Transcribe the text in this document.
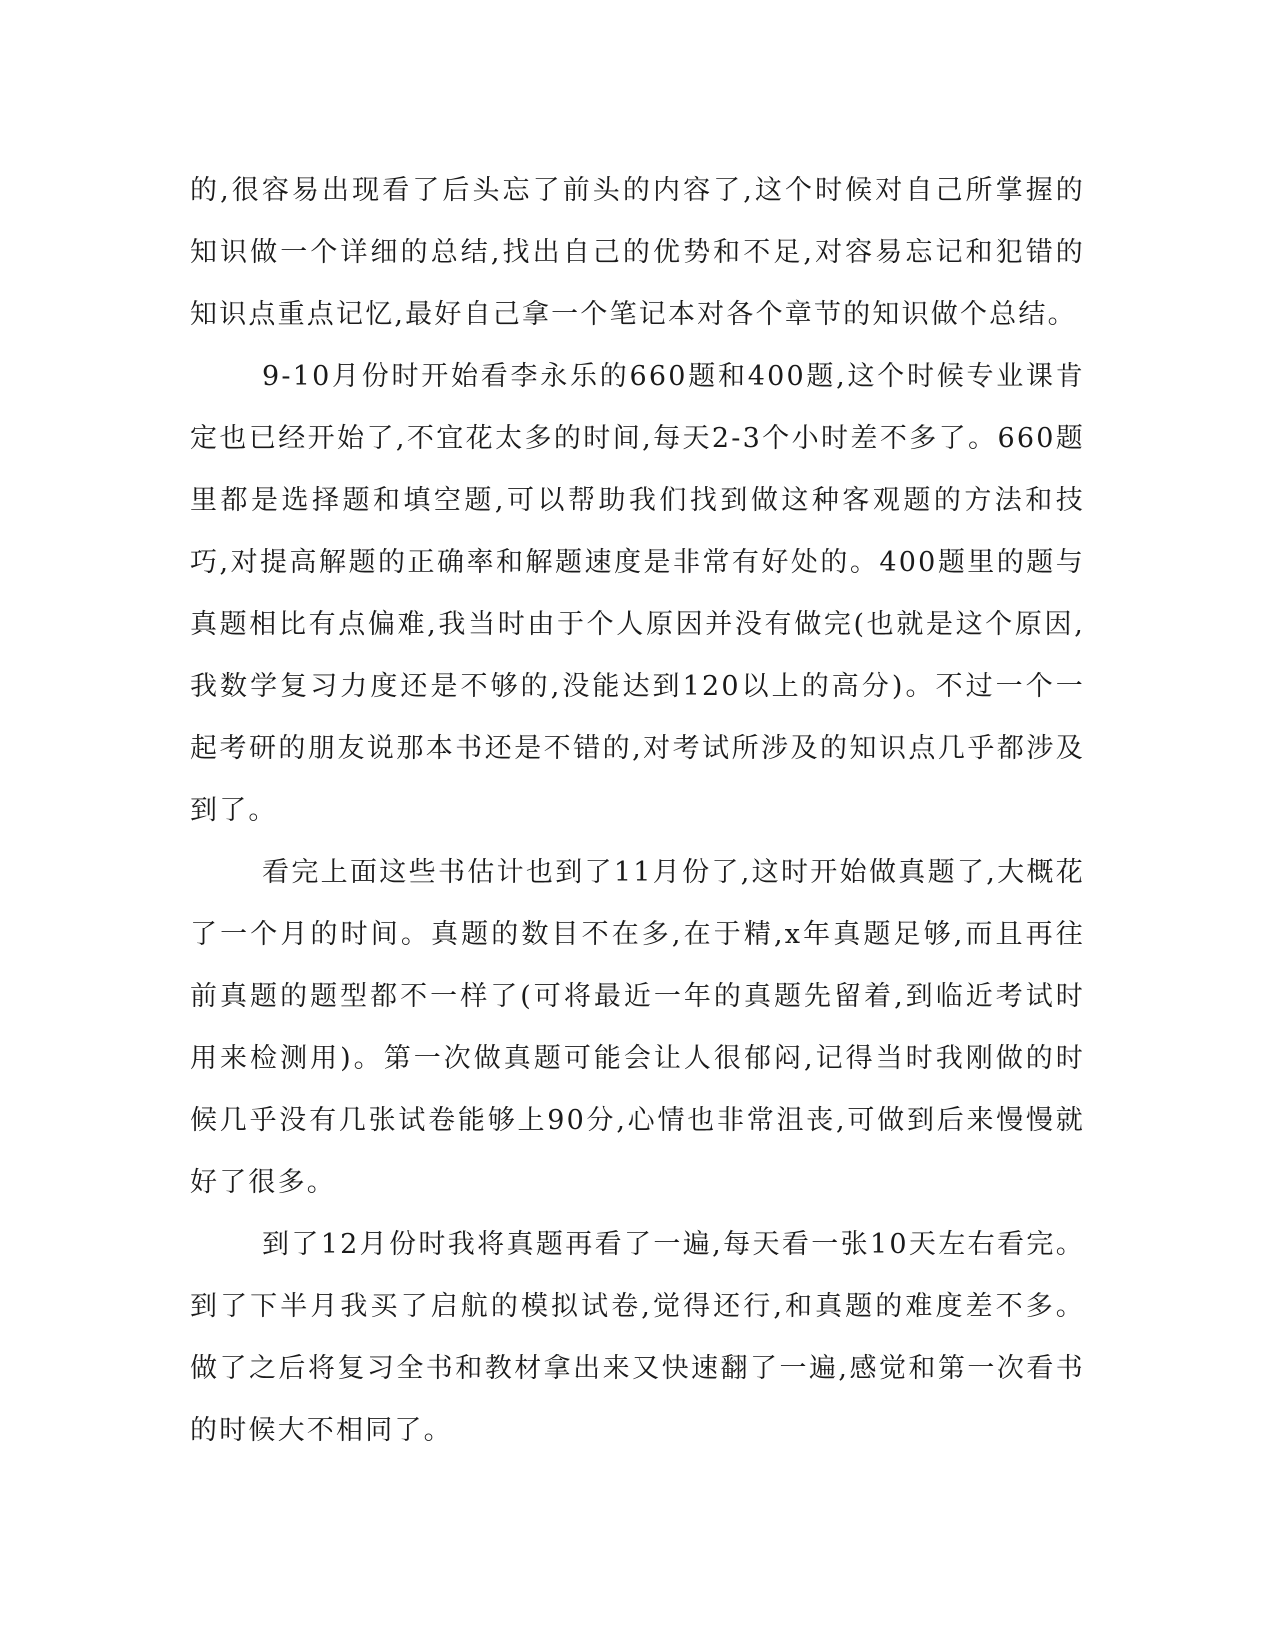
的,很容易出现看了后头忘了前头的内容了,这个时候对自己所掌握的知识做一个详细的总结,找出自己的优势和不足,对容易忘记和犯错的知识点重点记忆,最好自己拿一个笔记本对各个章节的知识做个总结。

9-10月份时开始看李永乐的660题和400题,这个时候专业课肯定也已经开始了,不宜花太多的时间,每天2-3个小时差不多了。660题里都是选择题和填空题,可以帮助我们找到做这种客观题的方法和技巧,对提高解题的正确率和解题速度是非常有好处的。400题里的题与真题相比有点偏难,我当时由于个人原因并没有做完(也就是这个原因,我数学复习力度还是不够的,没能达到120以上的高分)。不过一个一起考研的朋友说那本书还是不错的,对考试所涉及的知识点几乎都涉及到了。

看完上面这些书估计也到了11月份了,这时开始做真题了,大概花了一个月的时间。真题的数目不在多,在于精,x年真题足够,而且再往前真题的题型都不一样了(可将最近一年的真题先留着,到临近考试时用来检测用)。第一次做真题可能会让人很郁闷,记得当时我刚做的时候几乎没有几张试卷能够上90分,心情也非常沮丧,可做到后来慢慢就好了很多。

到了12月份时我将真题再看了一遍,每天看一张10天左右看完。到了下半月我买了启航的模拟试卷,觉得还行,和真题的难度差不多。做了之后将复习全书和教材拿出来又快速翻了一遍,感觉和第一次看书的时候大不相同了。
